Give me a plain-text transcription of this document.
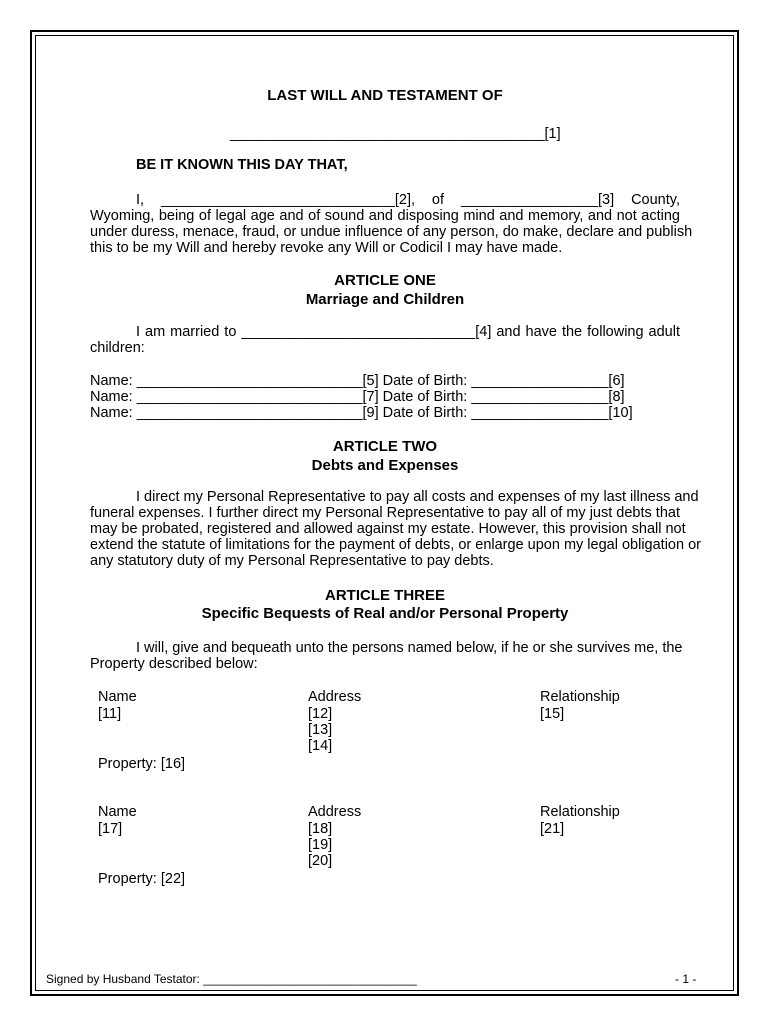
LAST WILL AND TESTAMENT OF
_______________________________________[1]
BE IT KNOWN THIS DAY THAT,
I, _____________________________[2], of _________________[3] County,
Wyoming, being of legal age and of sound and disposing mind and memory, and not acting
under duress, menace, fraud, or undue influence of any person, do make, declare and publish
this to be my Will and hereby revoke any Will or Codicil I may have made.
ARTICLE ONE
Marriage and Children
I am married to _____________________________[4] and have the following adult
children:
Name: ____________________________[5] Date of Birth: _________________[6]
Name: ____________________________[7] Date of Birth: _________________[8]
Name: ____________________________[9] Date of Birth: _________________[10]
ARTICLE TWO
Debts and Expenses
I direct my Personal Representative to pay all costs and expenses of my last illness and
funeral expenses. I further direct my Personal Representative to pay all of my just debts that
may be probated, registered and allowed against my estate. However, this provision shall not
extend the statute of limitations for the payment of debts, or enlarge upon my legal obligation or
any statutory duty of my Personal Representative to pay debts.
ARTICLE THREE
Specific Bequests of Real and/or Personal Property
I will, give and bequeath unto the persons named below, if he or she survives me, the
Property described below:
Name	Address	Relationship
[11]	[12]	[15]
[13]
[14]
Property: [16]
Name	Address	Relationship
[17]	[18]	[21]
[19]
[20]
Property: [22]
Signed by Husband Testator: ________________________________	- 1 -
